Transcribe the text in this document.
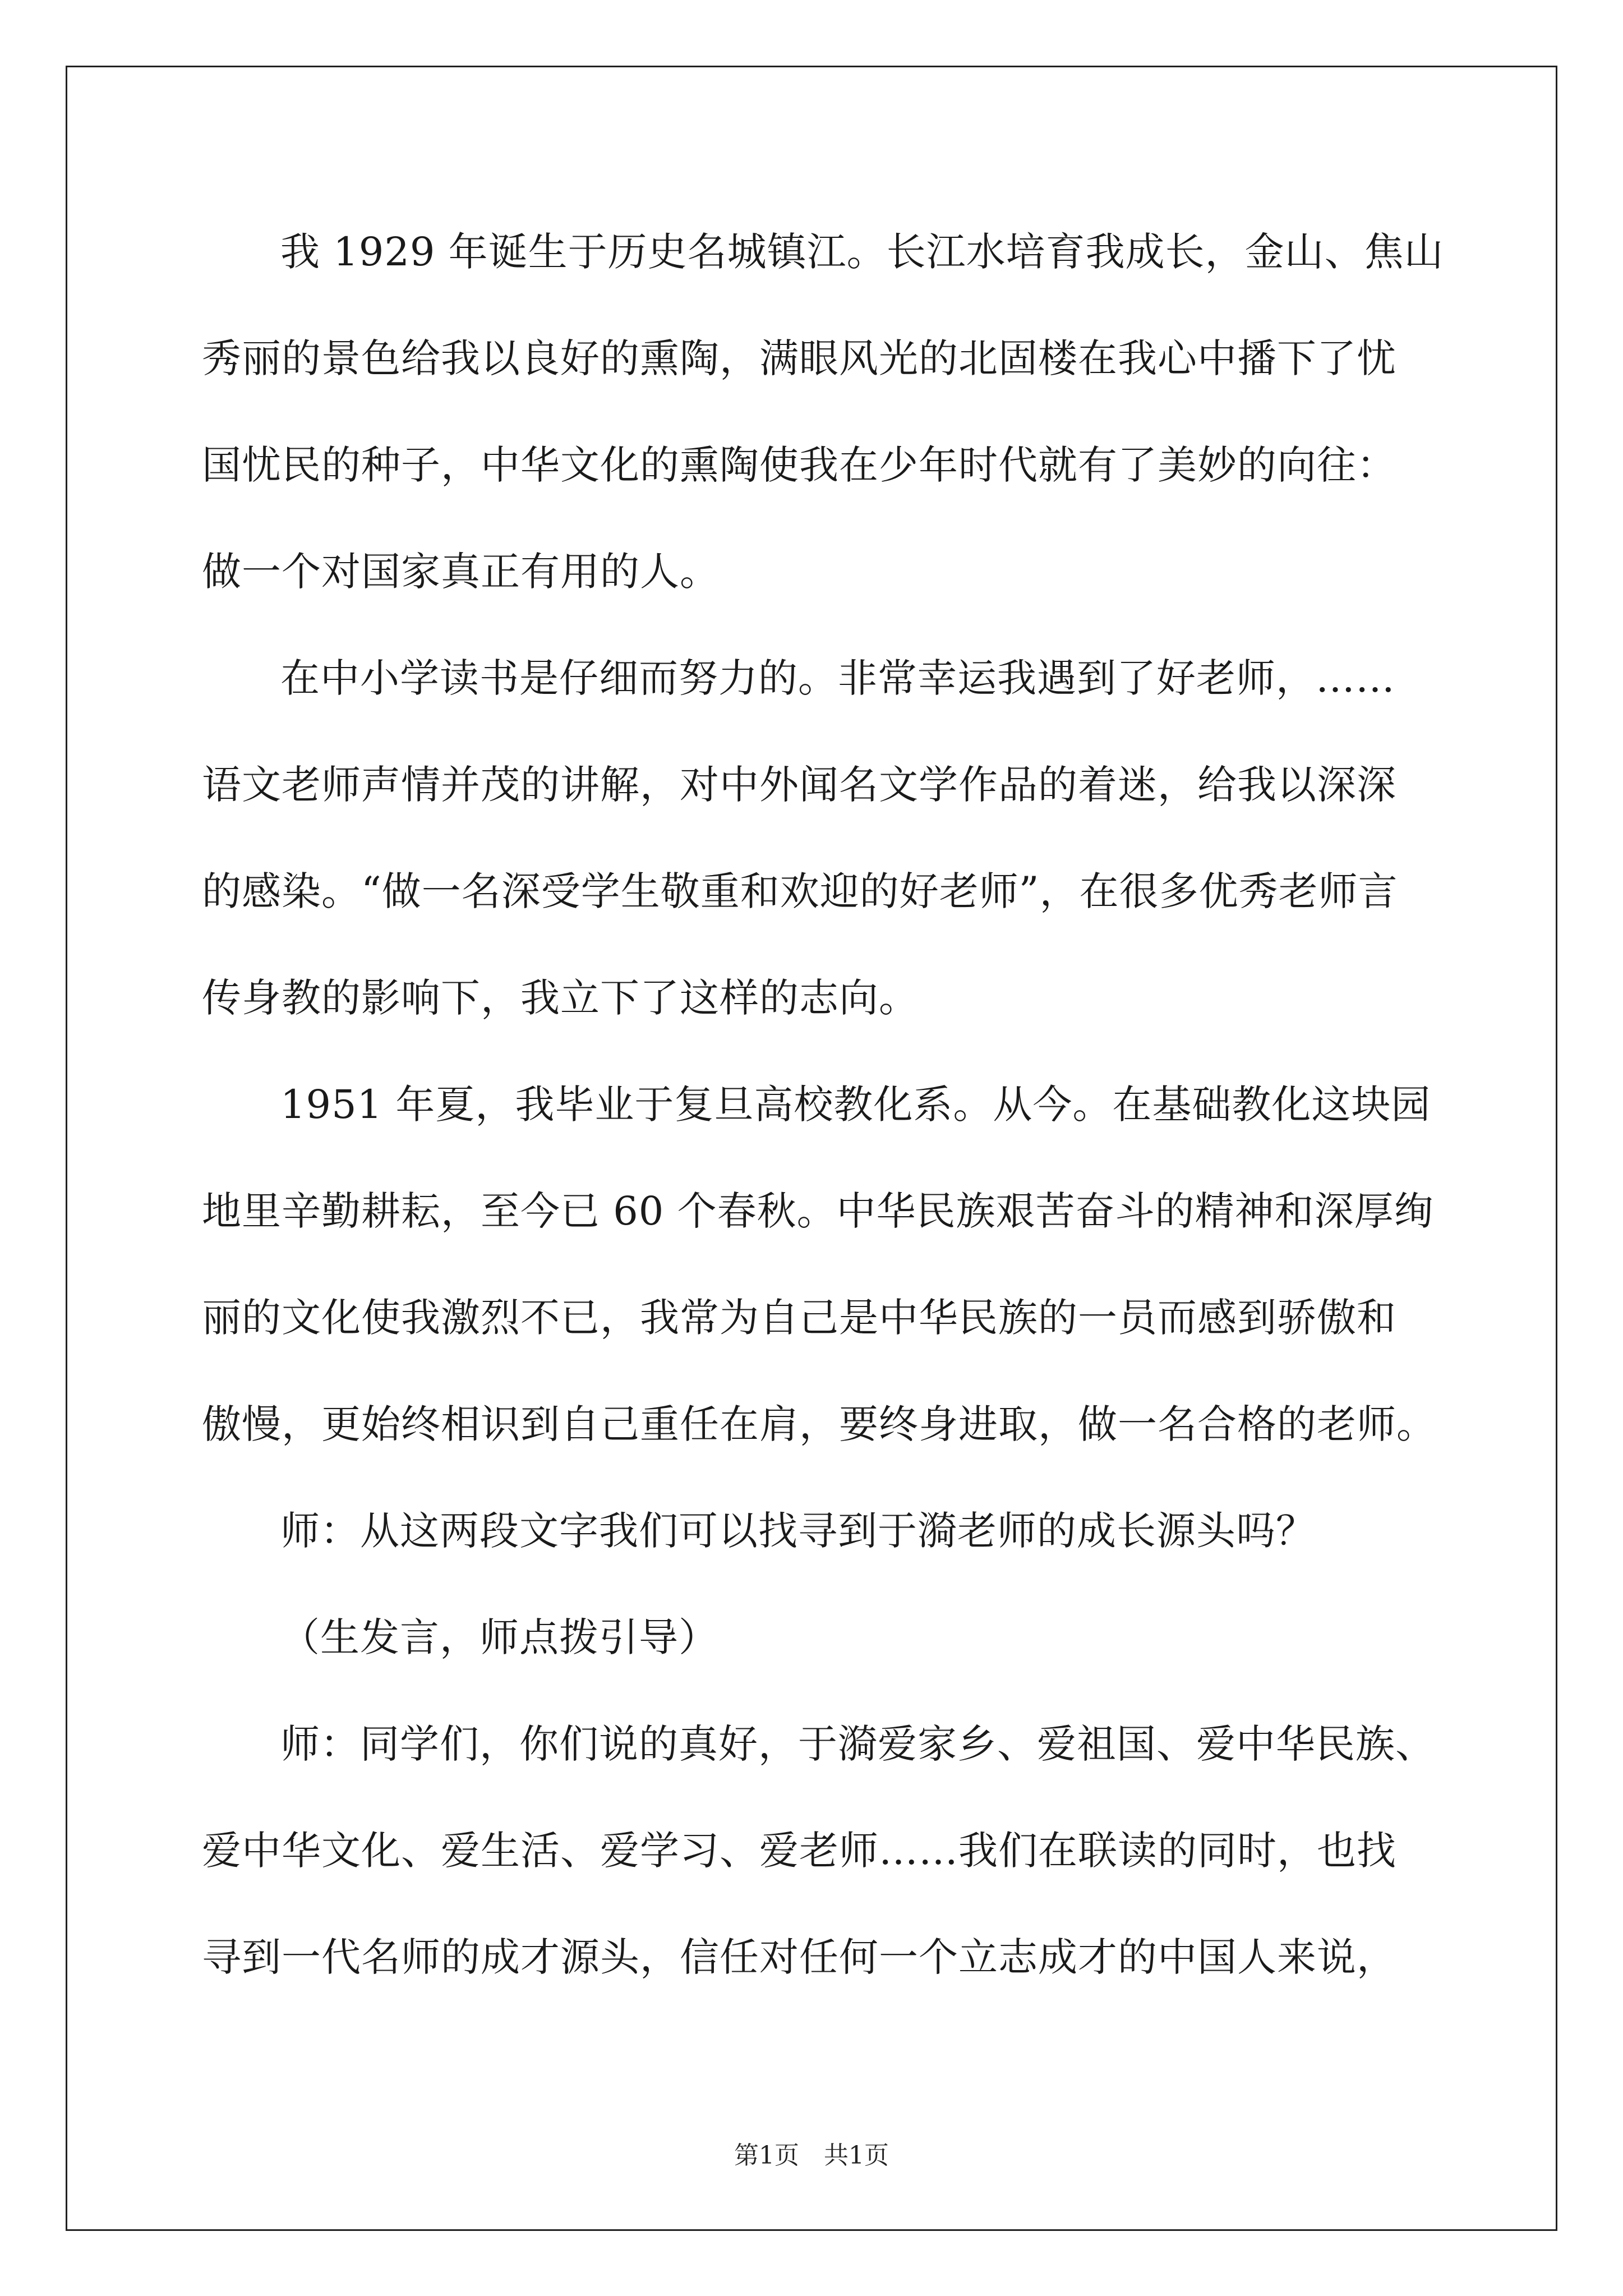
我 1929 年诞生于历史名城镇江。长江水培育我成长，金山、焦山
秀丽的景色给我以良好的熏陶，满眼风光的北固楼在我心中播下了忧
国忧民的种子，中华文化的熏陶使我在少年时代就有了美妙的向往：
做一个对国家真正有用的人。
在中小学读书是仔细而努力的。非常幸运我遇到了好老师，……
语文老师声情并茂的讲解，对中外闻名文学作品的着迷，给我以深深
的感染。“做一名深受学生敬重和欢迎的好老师”，在很多优秀老师言
传身教的影响下，我立下了这样的志向。
1951 年夏，我毕业于复旦高校教化系。从今。在基础教化这块园
地里辛勤耕耘，至今已 60 个春秋。中华民族艰苦奋斗的精神和深厚绚
丽的文化使我激烈不已，我常为自己是中华民族的一员而感到骄傲和
傲慢，更始终相识到自己重任在肩，要终身进取，做一名合格的老师。
师：从这两段文字我们可以找寻到于漪老师的成长源头吗？
（生发言，师点拨引导）
师：同学们，你们说的真好，于漪爱家乡、爱祖国、爱中华民族、
爱中华文化、爱生活、爱学习、爱老师……我们在联读的同时，也找
寻到一代名师的成才源头，信任对任何一个立志成才的中国人来说，
第1页 共1页
